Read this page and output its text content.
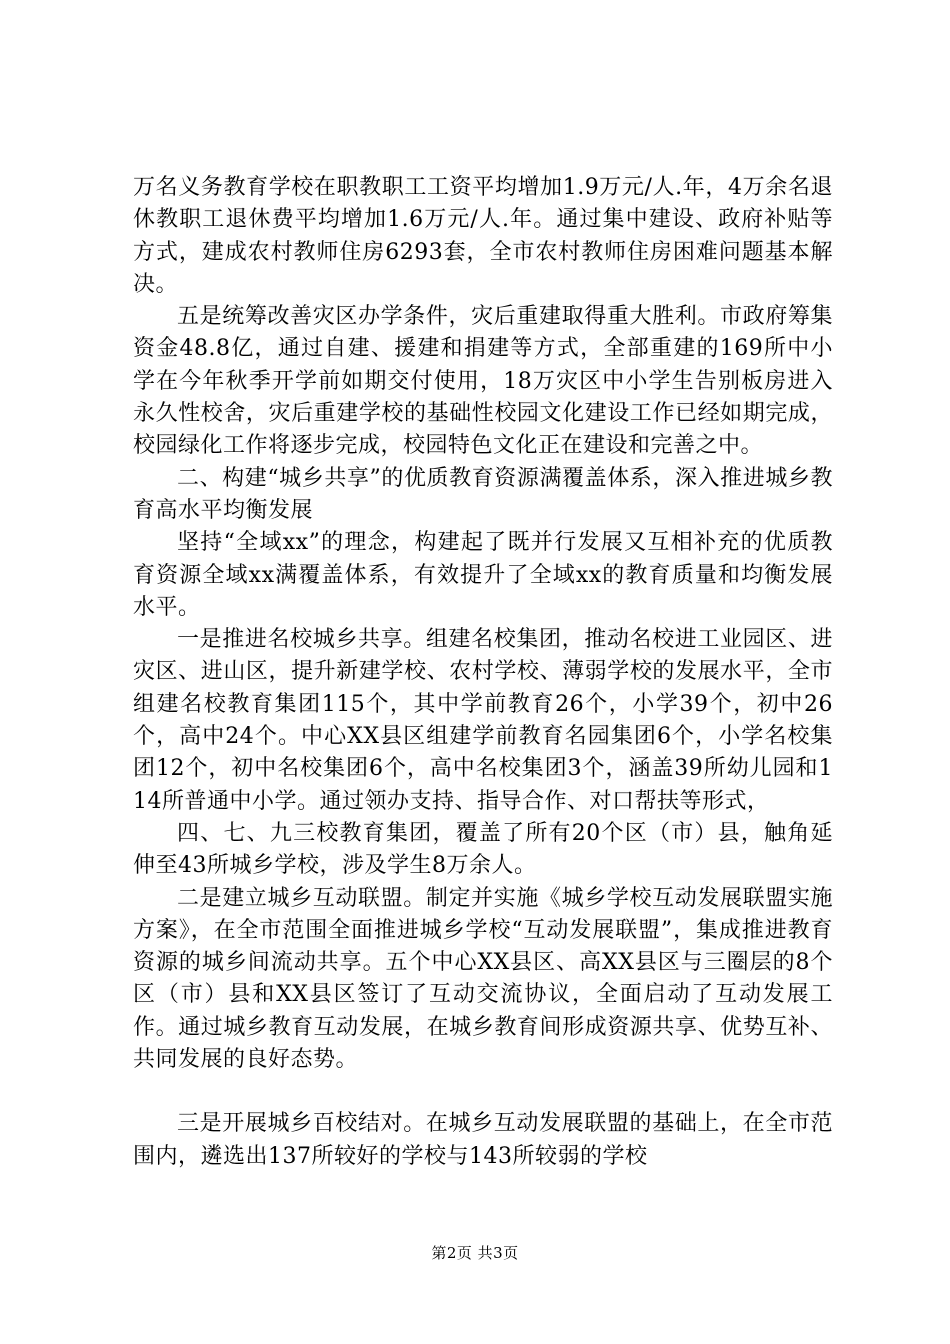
万名义务教育学校在职教职工工资平均增加1.9万元/人.年，4万余名退休教职工退休费平均增加1.6万元/人.年。通过集中建设、政府补贴等方式，建成农村教师住房6293套，全市农村教师住房困难问题基本解决。

五是统筹改善灾区办学条件，灾后重建取得重大胜利。市政府筹集资金48.8亿，通过自建、援建和捐建等方式，全部重建的169所中小学在今年秋季开学前如期交付使用，18万灾区中小学生告别板房进入永久性校舍，灾后重建学校的基础性校园文化建设工作已经如期完成，校园绿化工作将逐步完成，校园特色文化正在建设和完善之中。

二、构建“城乡共享”的优质教育资源满覆盖体系，深入推进城乡教育高水平均衡发展

坚持“全域xx”的理念，构建起了既并行发展又互相补充的优质教育资源全域xx满覆盖体系，有效提升了全域xx的教育质量和均衡发展水平。

一是推进名校城乡共享。组建名校集团，推动名校进工业园区、进灾区、进山区，提升新建学校、农村学校、薄弱学校的发展水平，全市组建名校教育集团115个，其中学前教育26个，小学39个，初中26个，高中24个。中心XX县区组建学前教育名园集团6个，小学名校集团12个，初中名校集团6个，高中名校集团3个，涵盖39所幼儿园和114所普通中小学。通过领办支持、指导合作、对口帮扶等形式，

四、七、九三校教育集团，覆盖了所有20个区（市）县，触角延伸至43所城乡学校，涉及学生8万余人。

二是建立城乡互动联盟。制定并实施《城乡学校互动发展联盟实施方案》，在全市范围全面推进城乡学校“互动发展联盟”，集成推进教育资源的城乡间流动共享。五个中心XX县区、高XX县区与三圈层的8个区（市）县和XX县区签订了互动交流协议，全面启动了互动发展工作。通过城乡教育互动发展，在城乡教育间形成资源共享、优势互补、共同发展的良好态势。

三是开展城乡百校结对。在城乡互动发展联盟的基础上，在全市范围内，遴选出137所较好的学校与143所较弱的学校

第2页 共3页
